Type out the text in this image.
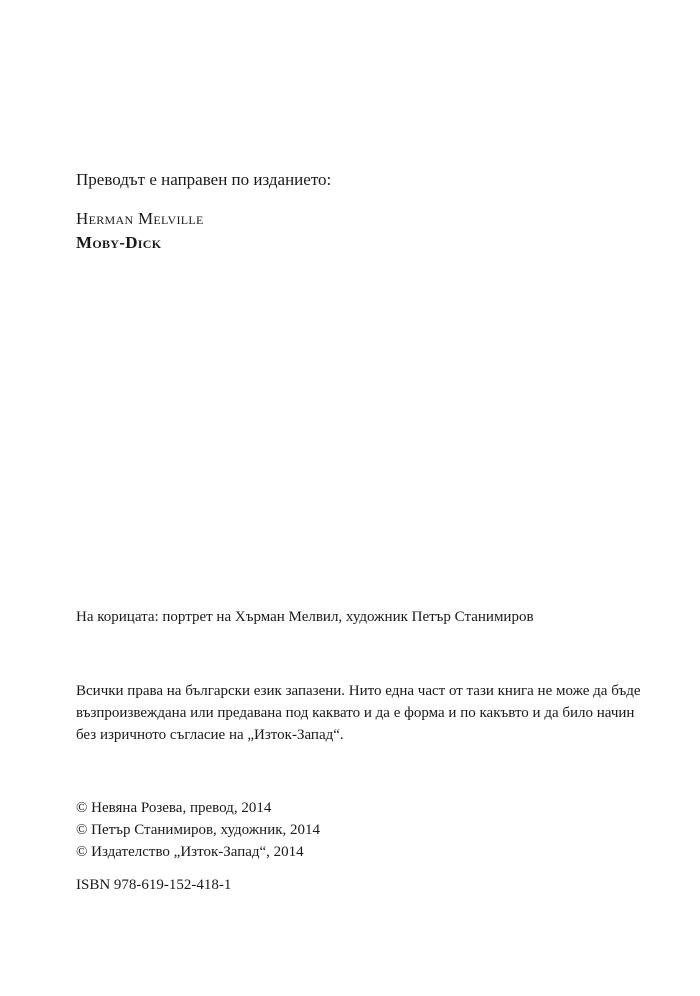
Преводът е направен по изданието:

Herman Melville

Moby-Dick

На корицата: портрет на Хърман Мелвил, художник Петър Станимиров

Всички права на български език запазени. Нито една част от тази книга не може да бъде
възпроизвеждана или предавана под каквато и да е форма и по какъвто и да било начин
без изричното съгласие на „Изток-Запад“.

© Невяна Розева, превод, 2014
© Петър Станимиров, художник, 2014
© Издателство „Изток-Запад“, 2014

ISBN 978-619-152-418-1
